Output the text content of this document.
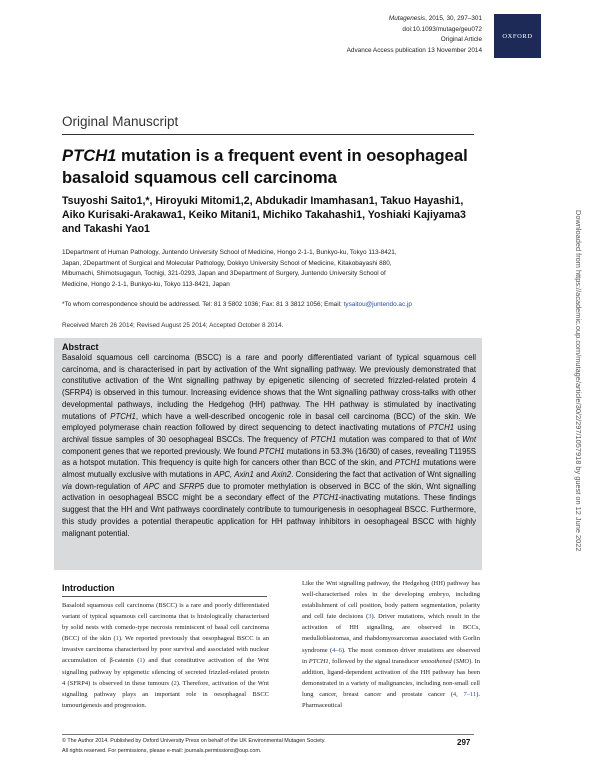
Mutagenesis, 2015, 30, 297–301
doi:10.1093/mutage/geu072
Original Article
Advance Access publication 13 November 2014
OXFORD
Original Manuscript
PTCH1 mutation is a frequent event in oesophageal basaloid squamous cell carcinoma
Tsuyoshi Saito1,*, Hiroyuki Mitomi1,2, Abdukadir Imamhasan1, Takuo Hayashi1,
Aiko Kurisaki-Arakawa1, Keiko Mitani1, Michiko Takahashi1, Yoshiaki Kajiyama3
and Takashi Yao1
1Department of Human Pathology, Juntendo University School of Medicine, Hongo 2-1-1, Bunkyo-ku, Tokyo 113-8421,
Japan, 2Department of Surgical and Molecular Pathology, Dokkyo University School of Medicine, Kitakobayashi 880,
Mibumachi, Shimotsugagun, Tochigi, 321-0293, Japan and 3Department of Surgery, Juntendo University School of
Medicine, Hongo 2-1-1, Bunkyo-ku, Tokyo 113-8421, Japan
*To whom correspondence should be addressed. Tel: 81 3 5802 1036; Fax: 81 3 3812 1056; Email: tysaitou@juntendo.ac.jp
Received March 26 2014; Revised August 25 2014; Accepted October 8 2014.
Abstract
Basaloid squamous cell carcinoma (BSCC) is a rare and poorly differentiated variant of typical squamous cell carcinoma, and is characterised in part by activation of the Wnt signalling pathway. We previously demonstrated that constitutive activation of the Wnt signalling pathway by epigenetic silencing of secreted frizzled-related protein 4 (SFRP4) is observed in this tumour. Increasing evidence shows that the Wnt signalling pathway cross-talks with other developmental pathways, including the Hedgehog (HH) pathway. The HH pathway is stimulated by inactivating mutations of PTCH1, which have a well-described oncogenic role in basal cell carcinoma (BCC) of the skin. We employed polymerase chain reaction followed by direct sequencing to detect inactivating mutations of PTCH1 using archival tissue samples of 30 oesophageal BSCCs. The frequency of PTCH1 mutation was compared to that of Wnt component genes that we reported previously. We found PTCH1 mutations in 53.3% (16/30) of cases, revealing T1195S as a hotspot mutation. This frequency is quite high for cancers other than BCC of the skin, and PTCH1 mutations were almost mutually exclusive with mutations in APC, Axin1 and Axin2. Considering the fact that activation of Wnt signalling via down-regulation of APC and SFRP5 due to promoter methylation is observed in BCC of the skin, Wnt signalling activation in oesophageal BSCC might be a secondary effect of the PTCH1-inactivating mutations. These findings suggest that the HH and Wnt pathways coordinately contribute to tumourigenesis in oesophageal BSCC. Furthermore, this study provides a potential therapeutic application for HH pathway inhibitors in oesophageal BSCC with highly malignant potential.
Introduction
Basaloid squamous cell carcinoma (BSCC) is a rare and poorly differentiated variant of typical squamous cell carcinoma that is histologically characterised by solid nests with comedo-type necrosis reminiscent of basal cell carcinoma (BCC) of the skin (1). We reported previously that oesophageal BSCC is an invasive carcinoma characterised by poor survival and associated with nuclear accumulation of β-catenin (1) and that constitutive activation of the Wnt signalling pathway by epigenetic silencing of secreted frizzled-related protein 4 (SFRP4) is observed in these tumours (2). Therefore, activation of the Wnt signalling pathway plays an important role in oesophageal BSCC tumourigenesis and progression.
Like the Wnt signalling pathway, the Hedgehog (HH) pathway has well-characterised roles in the developing embryo, including establishment of cell position, body pattern segmentation, polarity and cell fate decisions (3). Driver mutations, which result in the activation of HH signalling, are observed in BCCs, medulloblastomas, and rhabdomyosarcomas associated with Gorlin syndrome (4–6). The most common driver mutations are observed in PTCH1, followed by the signal transducer smoothened (SMO). In addition, ligand-dependent activation of the HH pathway has been demonstrated in a variety of malignancies, including non-small cell lung cancer, breast cancer and prostate cancer (4, 7–11). Pharmaceutical
© The Author 2014. Published by Oxford University Press on behalf of the UK Environmental Mutagen Society.
All rights reserved. For permissions, please e-mail: journals.permissions@oup.com.
297
Downloaded from https://academic.oup.com/mutage/article/30/2/297/1057918 by guest on 12 June 2022
